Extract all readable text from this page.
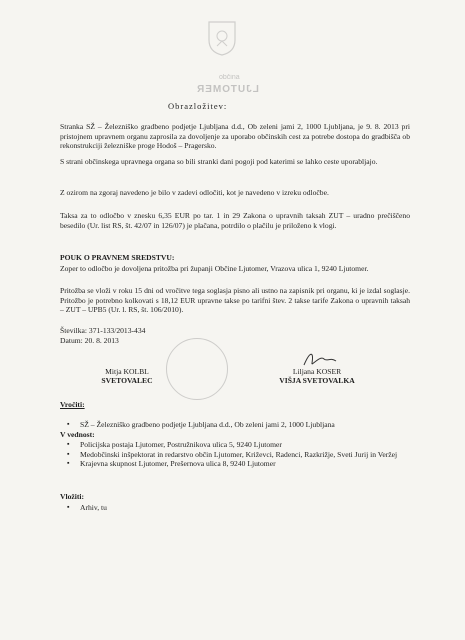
občina
LJUTOMER
Obrazložitev:
Stranka SŽ – Železniško gradbeno podjetje Ljubljana d.d., Ob zeleni jami 2, 1000 Ljubljana, je 9. 8. 2013 pri pristojnem upravnem organu zaprosila za dovoljenje za uporabo občinskih cest za potrebe dostopa do gradbišča ob rekonstrukciji železniške proge Hodoš – Pragersko.
S strani občinskega upravnega organa so bili stranki dani pogoji pod katerimi se lahko ceste uporabljajo.
Z ozirom na zgoraj navedeno je bilo v zadevi odločiti, kot je navedeno v izreku odločbe.
Taksa za to odločbo v znesku 6,35 EUR po tar. 1 in 29 Zakona o upravnih taksah ZUT – uradno prečiščeno besedilo (Ur. list RS, št. 42/07 in 126/07) je plačana, potrdilo o plačilu je priloženo k vlogi.
POUK O PRAVNEM SREDSTVU:
Zoper to odločbo je dovoljena pritožba pri županji Občine Ljutomer, Vrazova ulica 1, 9240 Ljutomer.
Pritožba se vloži v roku 15 dni od vročitve tega soglasja pisno ali ustno na zapisnik pri organu, ki je izdal soglasje. Pritožbo je potrebno kolkovati s 18,12 EUR upravne takse po tarifni štev. 2 takse tarife Zakona o upravnih taksah – ZUT – UPB5 (Ur. l. RS, št. 106/2010).
Številka: 371-133/2013-434
Datum: 20. 8. 2013
Mitja KOLBL
SVETOVALEC
Liljana KOSER
VIŠJA SVETOVALKA
Vročiti:
▪ SŽ – Železniško gradbeno podjetje Ljubljana d.d., Ob zeleni jami 2, 1000 Ljubljana
V vednost:
▪ Policijska postaja Ljutomer, Postružnikova ulica 5, 9240 Ljutomer
▪ Medobčinski inšpektorat in redarstvo občin Ljutomer, Križevci, Radenci, Razkrižje, Sveti Jurij in Veržej
▪ Krajevna skupnost Ljutomer, Prešernova ulica 8, 9240 Ljutomer
Vložiti:
▪ Arhiv, tu
